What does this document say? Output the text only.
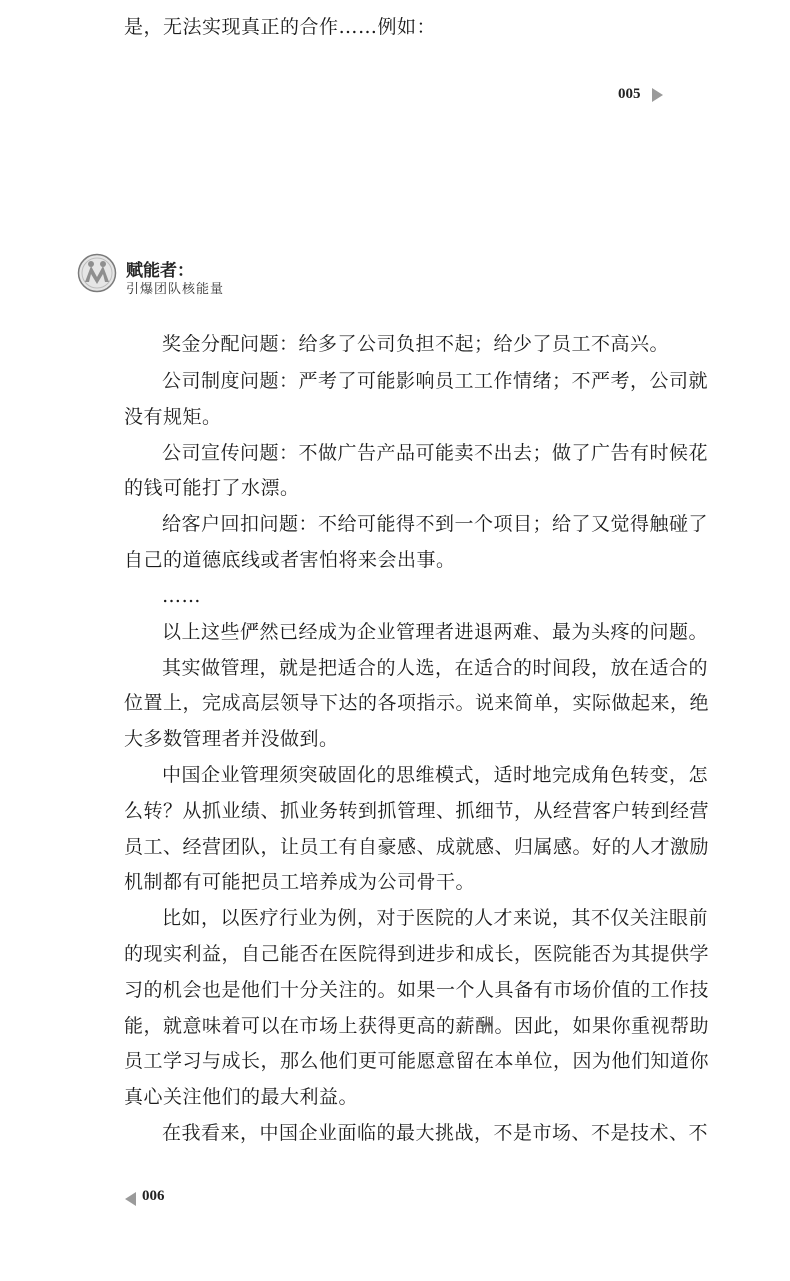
是，无法实现真正的合作……例如：
005
赋能者：
引爆团队核能量
奖金分配问题：给多了公司负担不起；给少了员工不高兴。
公司制度问题：严考了可能影响员工工作情绪；不严考，公司就
没有规矩。
公司宣传问题：不做广告产品可能卖不出去；做了广告有时候花
的钱可能打了水漂。
给客户回扣问题：不给可能得不到一个项目；给了又觉得触碰了
自己的道德底线或者害怕将来会出事。
……
以上这些俨然已经成为企业管理者进退两难、最为头疼的问题。
其实做管理，就是把适合的人选，在适合的时间段，放在适合的
位置上，完成高层领导下达的各项指示。说来简单，实际做起来，绝
大多数管理者并没做到。
中国企业管理须突破固化的思维模式，适时地完成角色转变，怎
么转？从抓业绩、抓业务转到抓管理、抓细节，从经营客户转到经营
员工、经营团队，让员工有自豪感、成就感、归属感。好的人才激励
机制都有可能把员工培养成为公司骨干。
比如，以医疗行业为例，对于医院的人才来说，其不仅关注眼前
的现实利益，自己能否在医院得到进步和成长，医院能否为其提供学
习的机会也是他们十分关注的。如果一个人具备有市场价值的工作技
能，就意味着可以在市场上获得更高的薪酬。因此，如果你重视帮助
员工学习与成长，那么他们更可能愿意留在本单位，因为他们知道你
真心关注他们的最大利益。
在我看来，中国企业面临的最大挑战，不是市场、不是技术、不
006
